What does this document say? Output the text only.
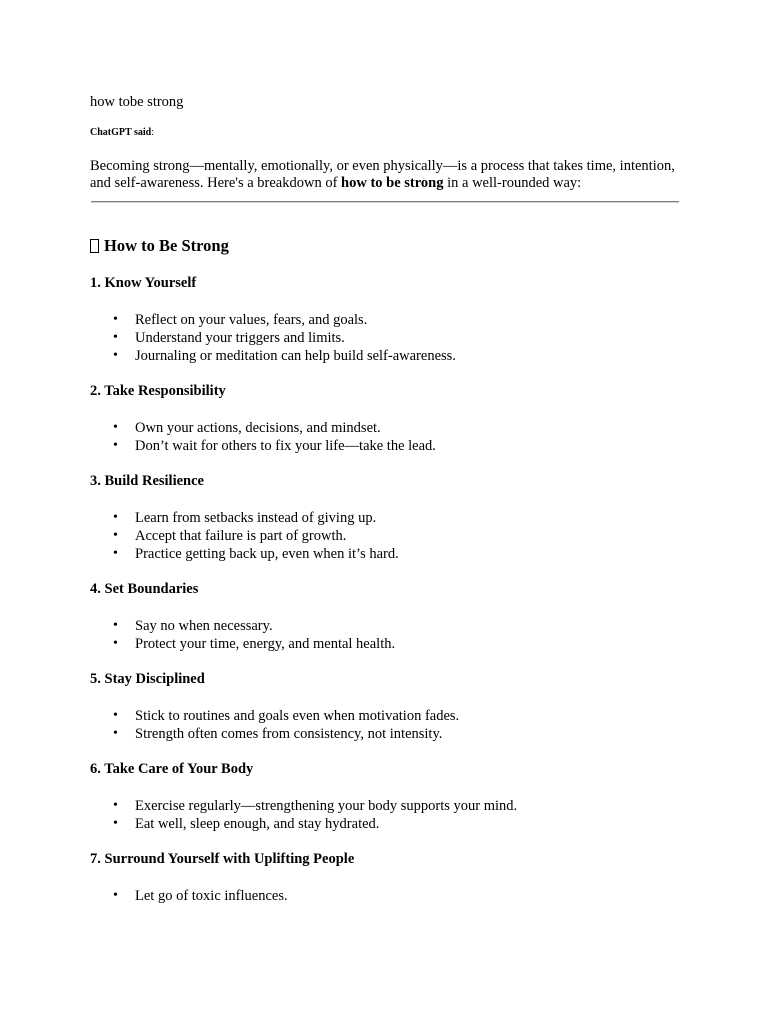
how tobe strong

ChatGPT said:
Becoming strong—mentally, emotionally, or even physically—is a process that takes time, intention, and self-awareness. Here's a breakdown of how to be strong in a well-rounded way:
How to Be Strong

1. Know Yourself

• Reflect on your values, fears, and goals.
• Understand your triggers and limits.
• Journaling or meditation can help build self-awareness.

2. Take Responsibility

• Own your actions, decisions, and mindset.
• Don’t wait for others to fix your life—take the lead.

3. Build Resilience

• Learn from setbacks instead of giving up.
• Accept that failure is part of growth.
• Practice getting back up, even when it’s hard.

4. Set Boundaries

• Say no when necessary.
• Protect your time, energy, and mental health.

5. Stay Disciplined

• Stick to routines and goals even when motivation fades.
• Strength often comes from consistency, not intensity.

6. Take Care of Your Body

• Exercise regularly—strengthening your body supports your mind.
• Eat well, sleep enough, and stay hydrated.

7. Surround Yourself with Uplifting People

• Let go of toxic influences.
